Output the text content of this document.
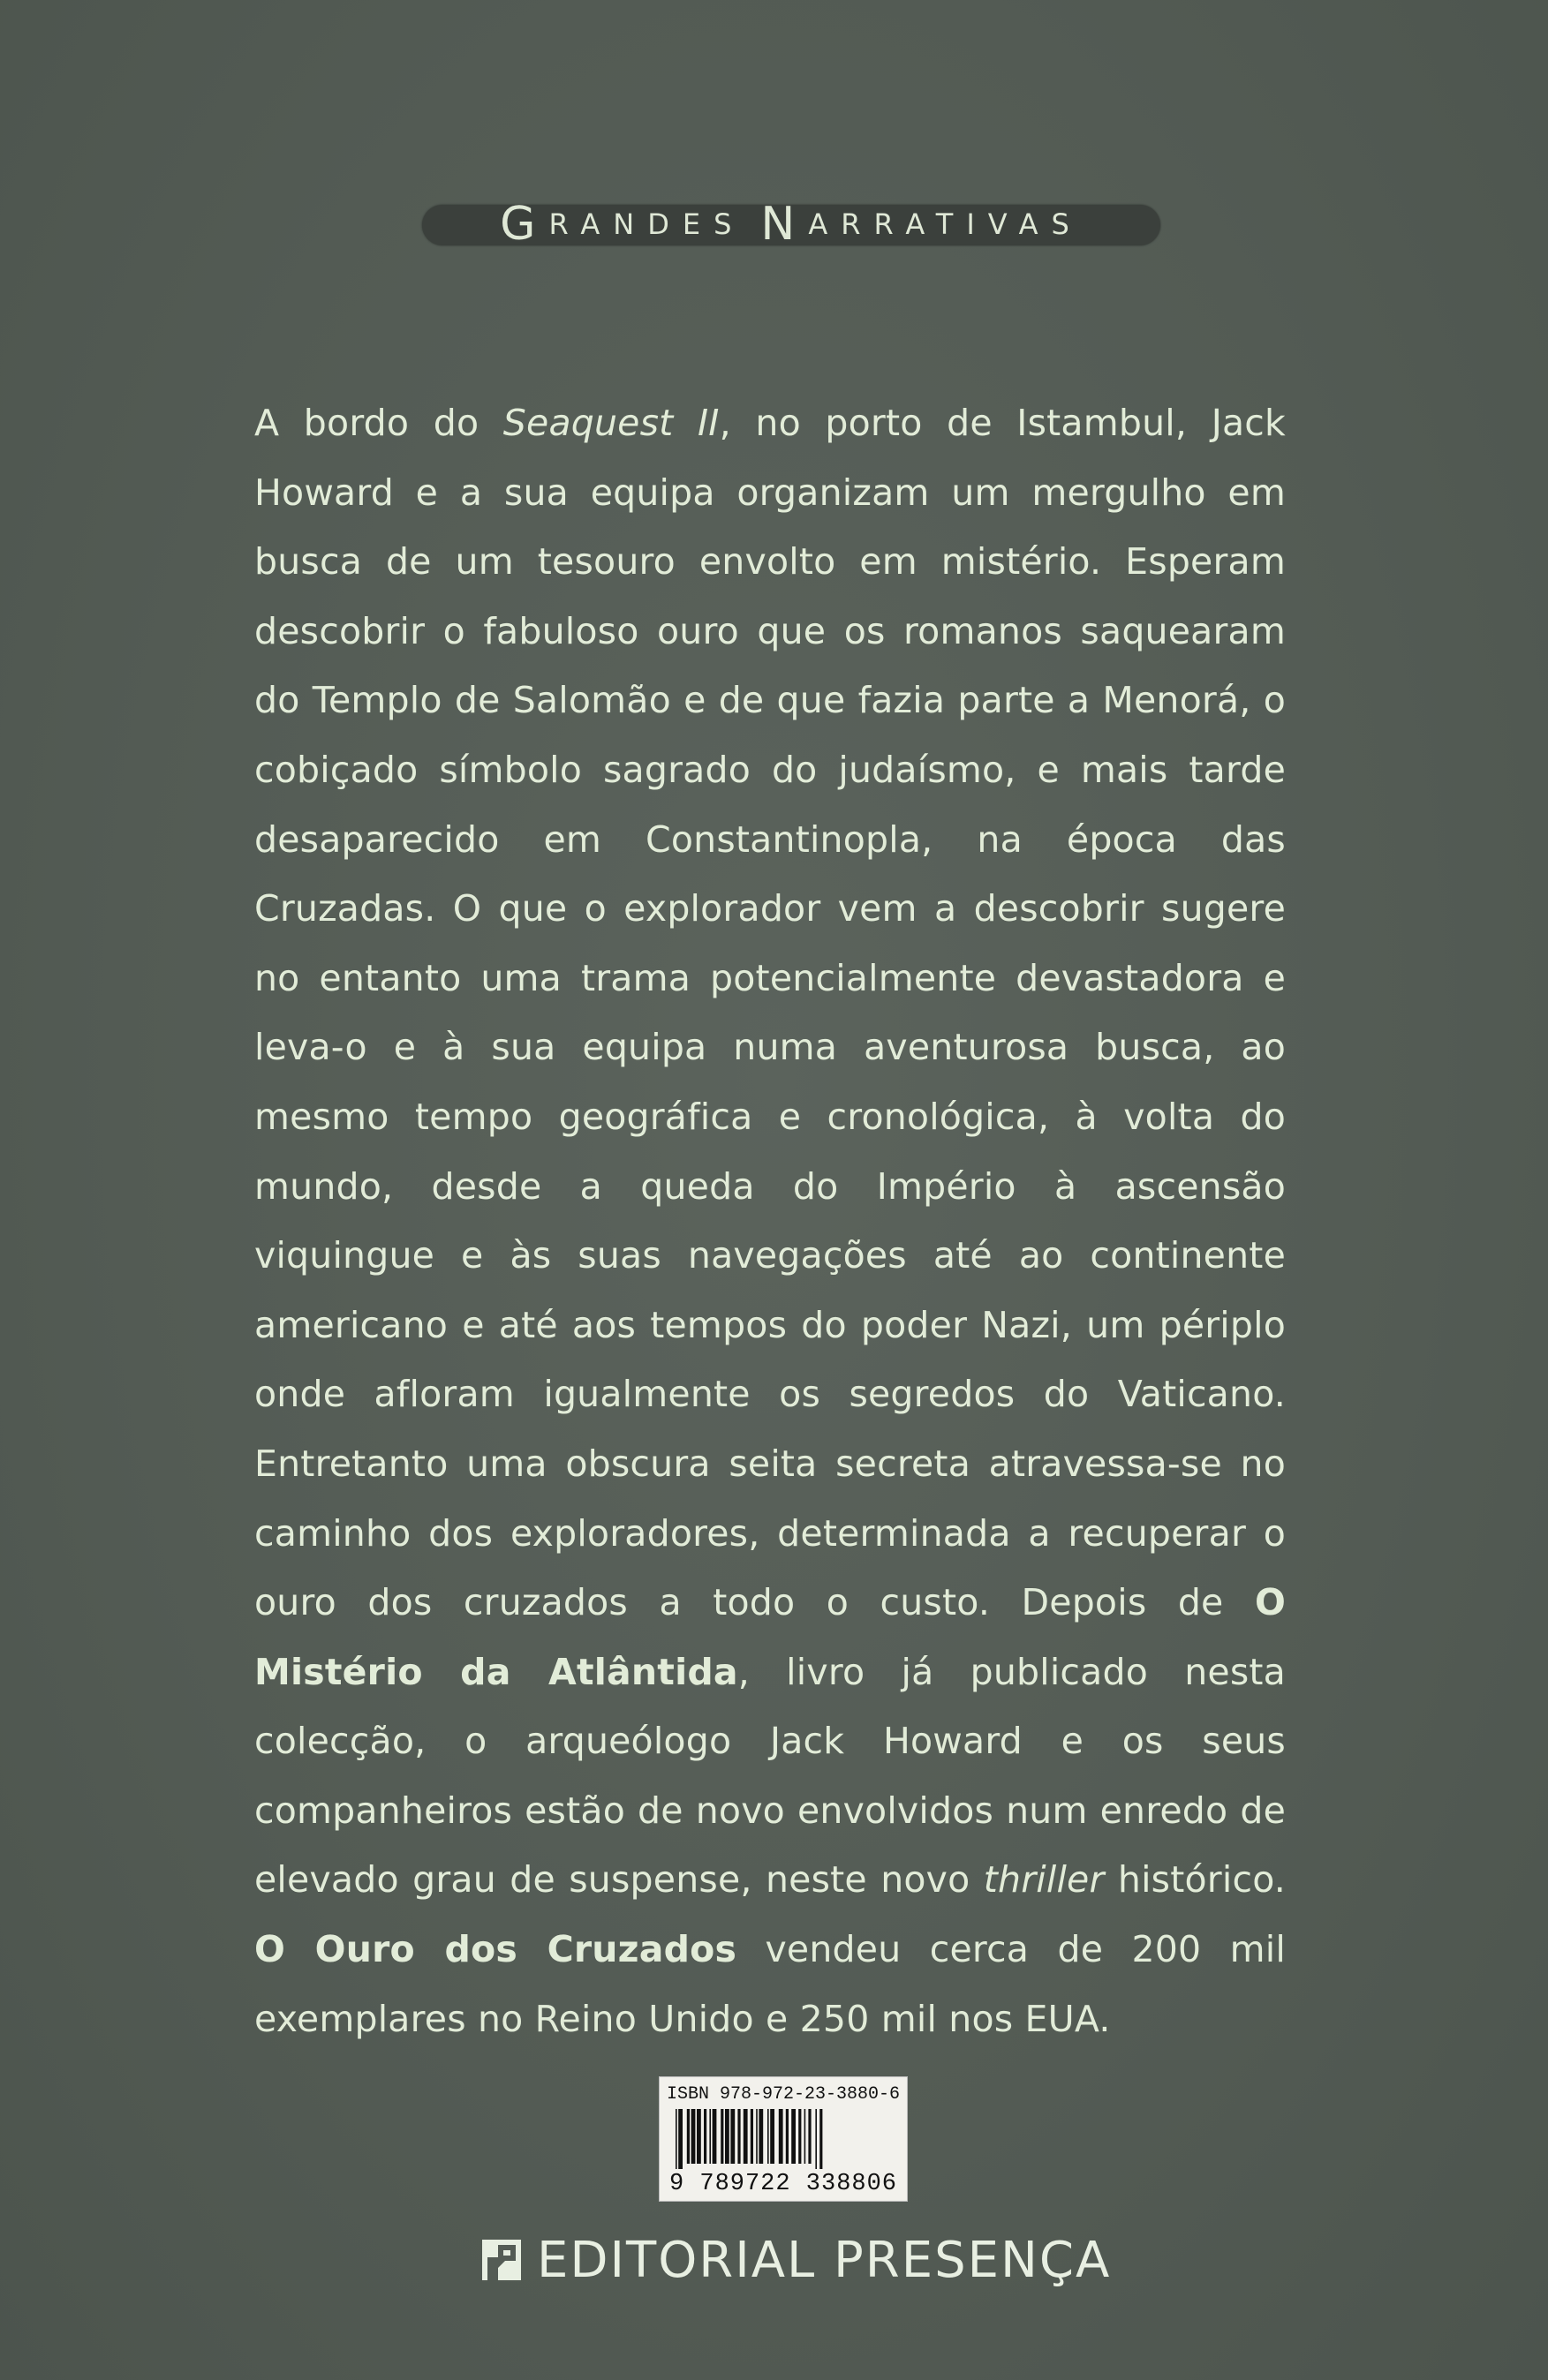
G RANDES N ARRATIVAS
A bordo do Seaquest II, no porto de Istambul, Jack Howard e a sua equipa organizam um mergulho em busca de um tesouro envolto em mistério. Esperam descobrir o fabuloso ouro que os romanos saquearam do Templo de Salomão e de que fazia parte a Menorá, o cobiçado símbolo sagrado do judaísmo, e mais tarde desaparecido em Constantinopla, na época das Cruzadas. O que o explorador vem a descobrir sugere no entanto uma trama potencialmente devastadora e leva-o e à sua equipa numa aventurosa busca, ao mesmo tempo geográfica e cronológica, à volta do mundo, desde a queda do Império à ascensão viquingue e às suas navegações até ao continente americano e até aos tempos do poder Nazi, um périplo onde afloram igualmente os segredos do Vaticano. Entretanto uma obscura seita secreta atravessa-se no caminho dos exploradores, determinada a recuperar o ouro dos cruzados a todo o custo. Depois de O Mistério da Atlântida, livro já publicado nesta colecção, o arqueólogo Jack Howard e os seus companheiros estão de novo envolvidos num enredo de elevado grau de suspense, neste novo thriller histórico. O Ouro dos Cruzados vendeu cerca de 200 mil exemplares no Reino Unido e 250 mil nos EUA.
ISBN 978-972-23-3880-6
9 789722 338806
EDITORIAL PRESENÇA
